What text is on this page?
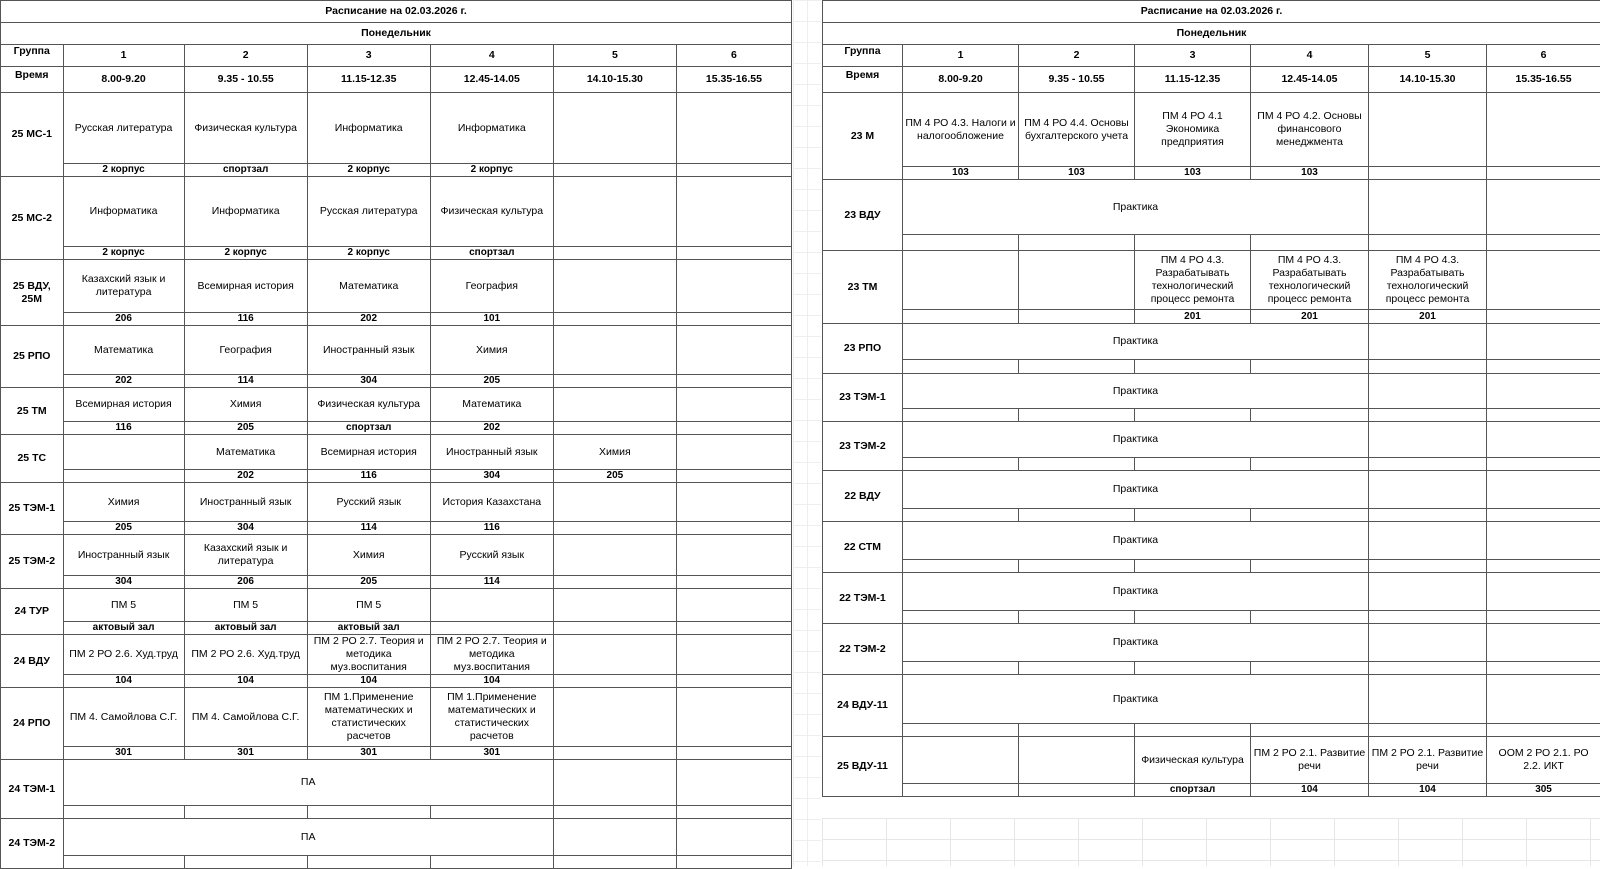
Расписание на 02.03.2026 г.						
Понедельник						

Группа	1	2	3	4	5	6

Время	8.00-9.20	9.35 - 10.55	11.15-12.35	12.45-14.05	14.10-15.30	15.35-16.55
25 МС-1	Русская литература	Физическая культура	Информатика	Информатика		
	2 корпус	спортзал	2 корпус	2 корпус		
25 МС-2	Информатика	Информатика	Русская литература	Физическая культура		
	2 корпус	2 корпус	2 корпус	спортзал		
25 ВДУ, 25М	Казахский язык и литература	Всемирная история	Математика	География		
	206	116	202	101		
25 РПО	Математика	География	Иностранный язык	Химия		
	202	114	304	205		
25 ТМ	Всемирная история	Химия	Физическая культура	Математика		
	116	205	спортзал	202		
25 ТС		Математика	Всемирная история	Иностранный язык	Химия	
		202	116	304	205	
25 ТЭМ-1	Химия	Иностранный язык	Русский язык	История Казахстана		
	205	304	114	116		
25 ТЭМ-2	Иностранный язык	Казахский язык и литература	Химия	Русский язык		
	304	206	205	114		
24 ТУР	ПМ 5	ПМ 5	ПМ 5			
	актовый зал	актовый зал	актовый зал			
24 ВДУ	ПМ 2 РО 2.6. Худ.труд	ПМ 2 РО 2.6. Худ.труд	ПМ 2 РО 2.7. Теория и методика муз.воспитания	ПМ 2 РО 2.7. Теория и методика муз.воспитания		
	104	104	104	104		
24 РПО	ПМ 4. Самойлова С.Г.	ПМ 4. Самойлова С.Г.	ПМ 1.Применение математических и статистических расчетов	ПМ 1.Применение математических и статистических расчетов		
	301	301	301	301		
24 ТЭМ-1	ПА					

24 ТЭМ-2	ПА					

Расписание на 02.03.2026 г.						
Понедельник						

Группа	1	2	3	4	5	6

Время	8.00-9.20	9.35 - 10.55	11.15-12.35	12.45-14.05	14.10-15.30	15.35-16.55
23 М	ПМ 4 РО 4.3. Налоги и налогообложение	ПМ 4 РО 4.4. Основы бухгалтерского учета	ПМ 4 РО 4.1 Экономика предприятия	ПМ 4 РО 4.2. Основы финансового менеджмента		
	103	103	103	103		
23 ВДУ	Практика					

23 ТМ			ПМ 4 РО 4.3. Разрабатывать технологический процесс ремонта	ПМ 4 РО 4.3. Разрабатывать технологический процесс ремонта	ПМ 4 РО 4.3. Разрабатывать технологический процесс ремонта	
			201	201	201	
23 РПО	Практика					

23 ТЭМ-1	Практика					

23 ТЭМ-2	Практика					

22 ВДУ	Практика					

22 СТМ	Практика					

22 ТЭМ-1	Практика					

22 ТЭМ-2	Практика					

24 ВДУ-11	Практика					

25 ВДУ-11			Физическая культура	ПМ 2 РО 2.1. Развитие речи	ПМ 2 РО 2.1. Развитие речи	ООМ 2 РО 2.1. РО 2.2. ИКТ
			спортзал	104	104	305
